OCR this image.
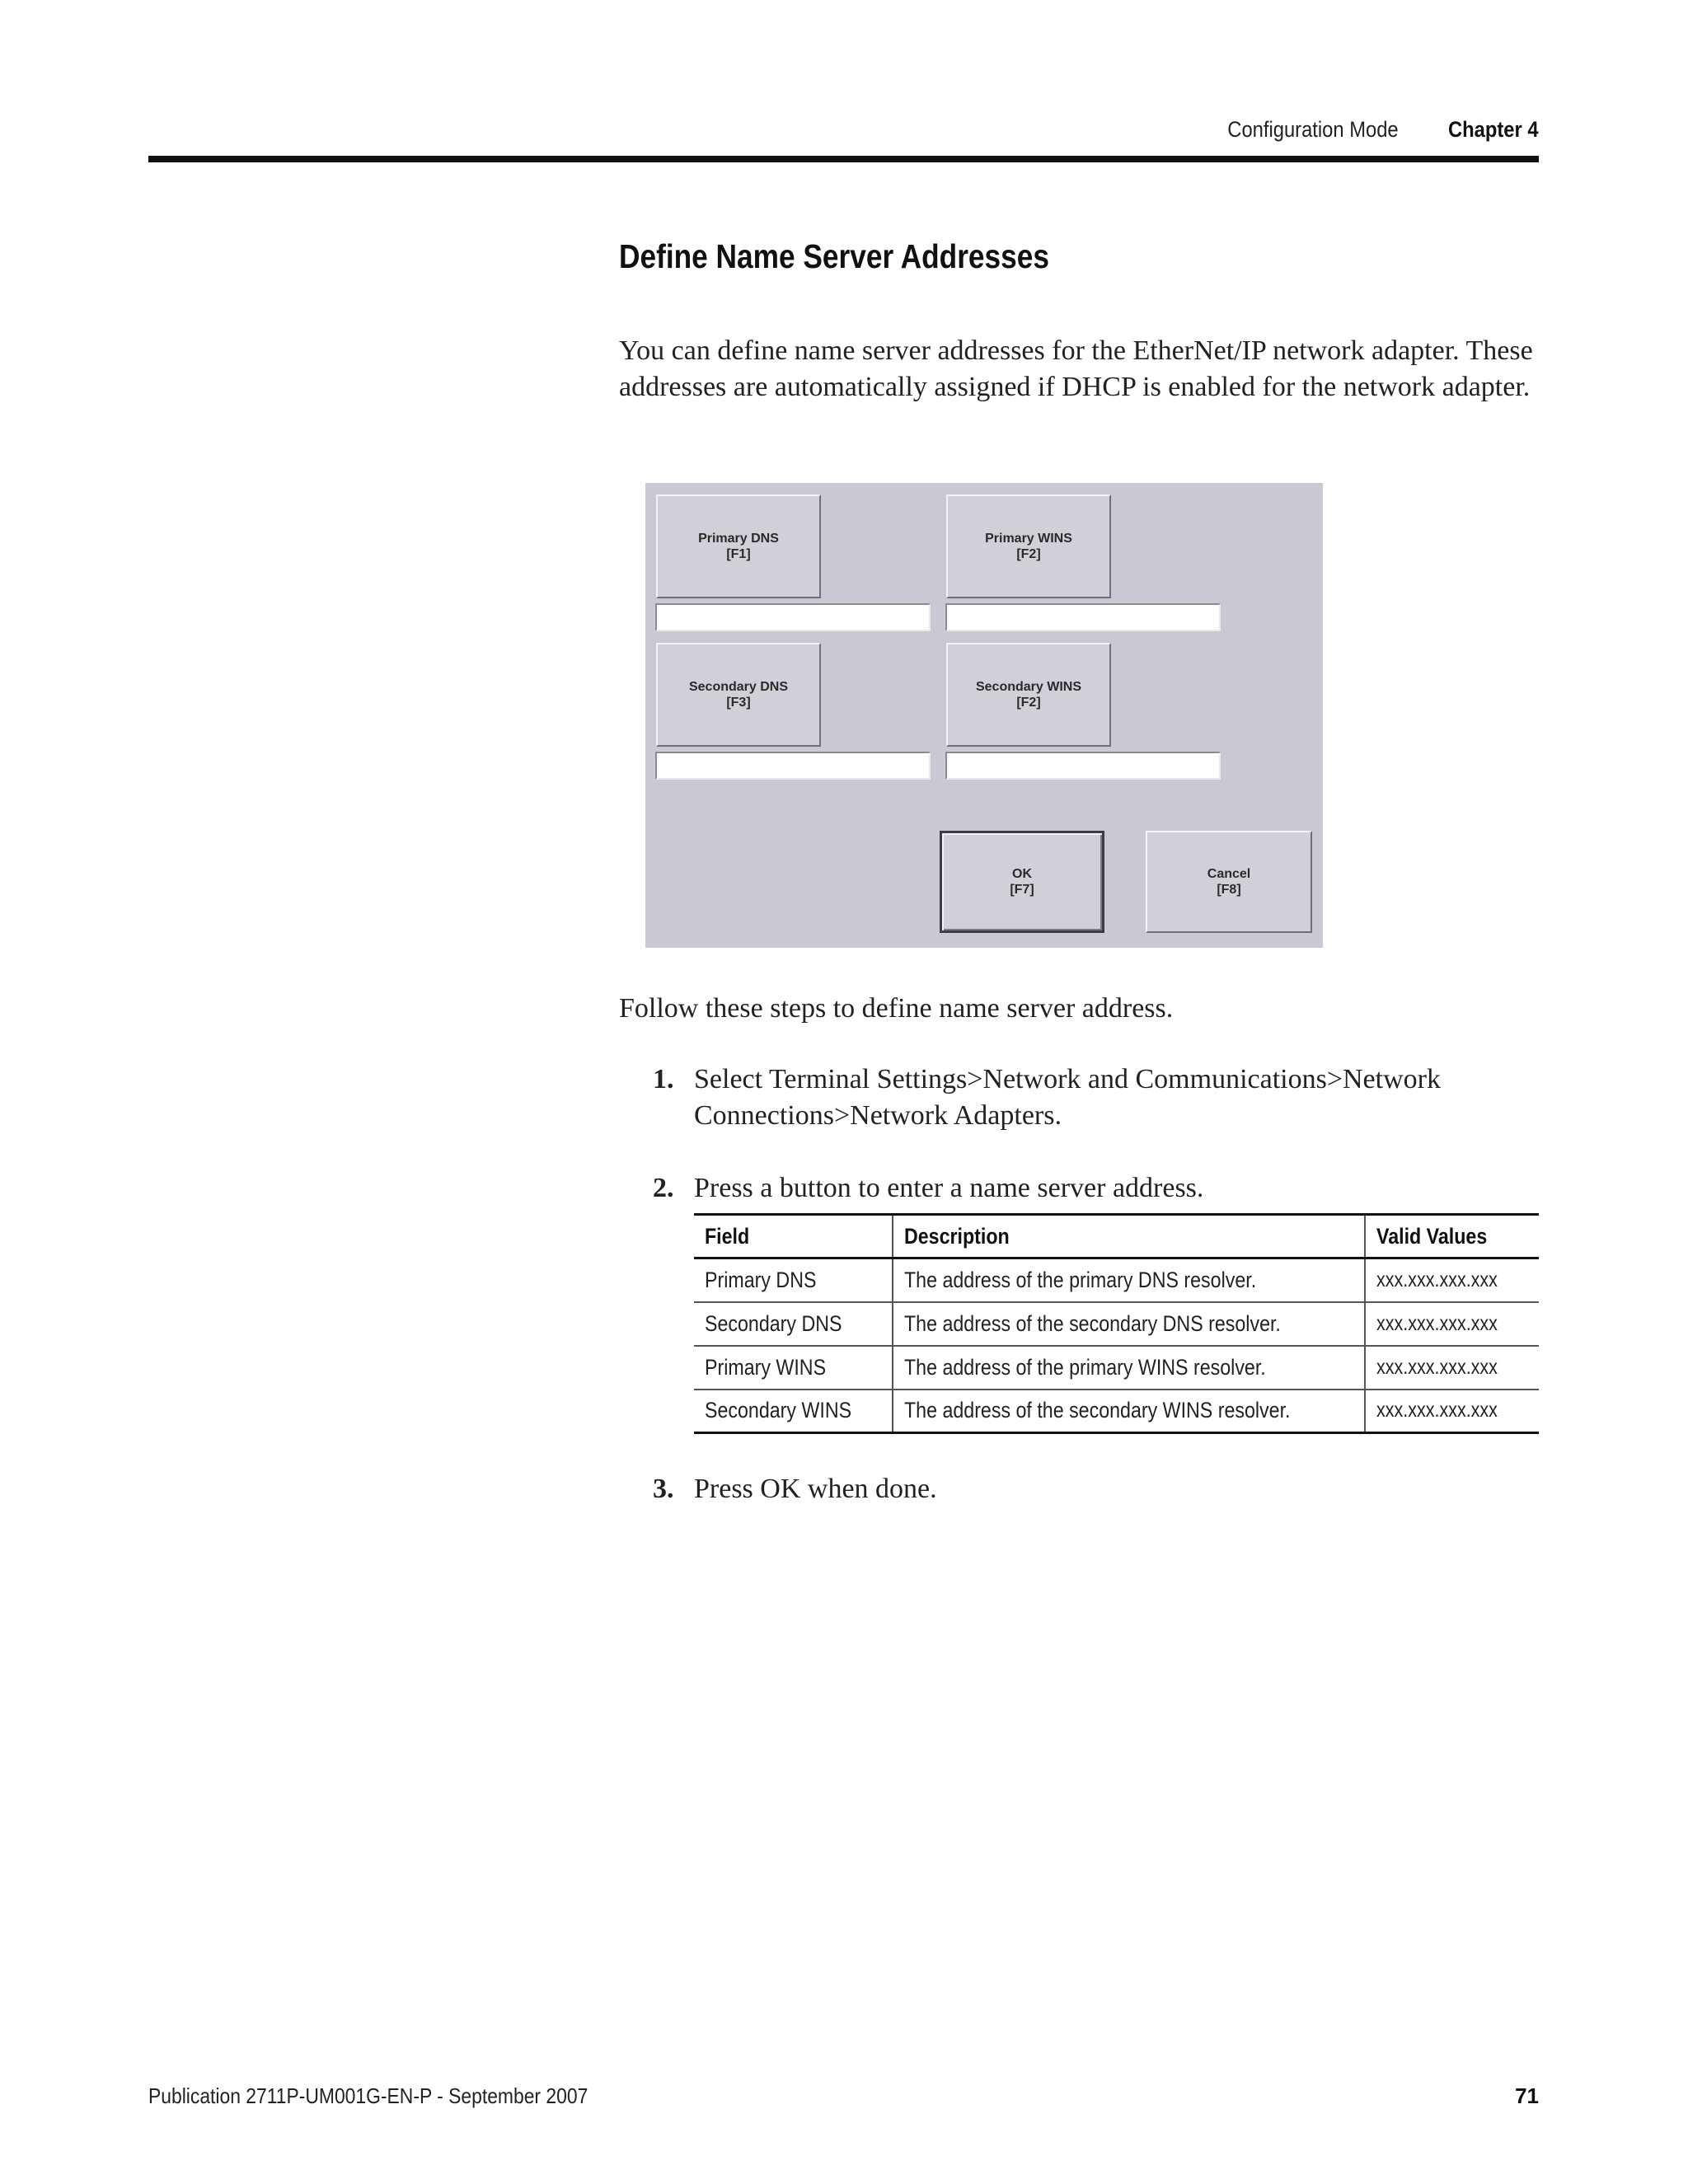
Configuration Mode Chapter 4
Define Name Server Addresses

You can define name server addresses for the EtherNet/IP network adapter. These addresses are automatically assigned if DHCP is enabled for the network adapter.

Primary DNS
[F1]
Primary WINS
[F2]
Secondary DNS
[F3]
Secondary WINS
[F2]
OK
[F7]
Cancel
[F8]

Follow these steps to define name server address.

1. Select Terminal Settings>Network and Communications>Network Connections>Network Adapters.
2. Press a button to enter a name server address.
Field	Description	Valid Values
Primary DNS	The address of the primary DNS resolver.	xxx.xxx.xxx.xxx
Secondary DNS	The address of the secondary DNS resolver.	xxx.xxx.xxx.xxx
Primary WINS	The address of the primary WINS resolver.	xxx.xxx.xxx.xxx
Secondary WINS	The address of the secondary WINS resolver.	xxx.xxx.xxx.xxx
3. Press OK when done.
Publication 2711P-UM001G-EN-P - September 2007	71
